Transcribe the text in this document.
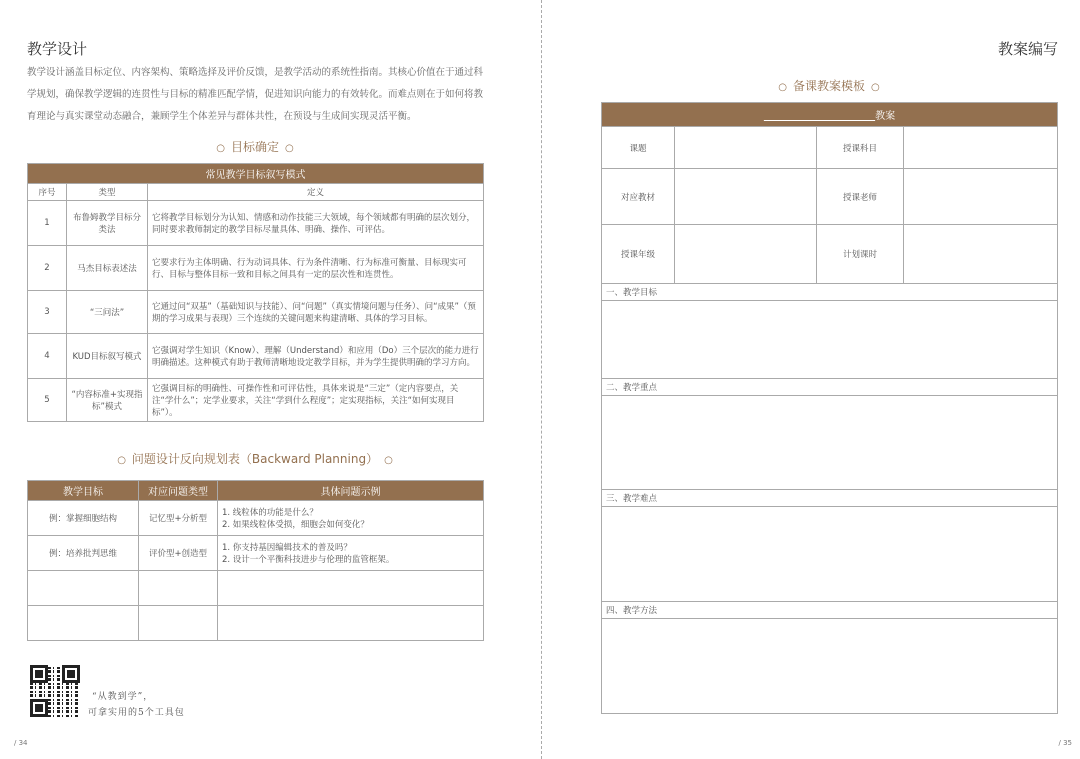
教学设计
教学设计涵盖目标定位、内容架构、策略选择及评价反馈，是教学活动的系统性指南。其核心价值在于通过科学规划，确保教学逻辑的连贯性与目标的精准匹配学情，促进知识向能力的有效转化。而难点则在于如何将教育理论与真实课堂动态融合，兼顾学生个体差异与群体共性，在预设与生成间实现灵活平衡。
○ 目标确定 ○
常见教学目标叙写模式		
序号	类型	定义
1	布鲁姆教学目标分类法	它将教学目标划分为认知、情感和动作技能三大领域，每个领域都有明确的层次划分，同时要求教师制定的教学目标尽量具体、明确、操作、可评估。
2	马杰目标表述法	它要求行为主体明确、行为动词具体、行为条件清晰、行为标准可衡量、目标现实可行、目标与整体目标一致和目标之间具有一定的层次性和连贯性。
3	“三问法”	它通过问“双基”（基础知识与技能）、问“问题”（真实情境问题与任务）、问“成果”（预期的学习成果与表现）三个连续的关键问题来构建清晰、具体的学习目标。
4	KUD目标叙写模式	它强调对学生知识（Know）、理解（Understand）和应用（Do）三个层次的能力进行明确描述。这种模式有助于教师清晰地设定教学目标，并为学生提供明确的学习方向。
5	“内容标准+实现指标”模式	它强调目标的明确性、可操作性和可评估性，具体来说是“三定”（定内容要点，关注“学什么”；定学业要求，关注“学到什么程度”；定实现指标，关注“如何实现目标”）。
○ 问题设计反向规划表（Backward Planning） ○
教学目标	对应问题类型	具体问题示例
例：掌握细胞结构	记忆型+分析型	1. 线粒体的功能是什么？
2. 如果线粒体受损，细胞会如何变化？

例：培养批判思维	评价型+创造型	1. 你支持基因编辑技术的普及吗？
2. 设计一个平衡科技进步与伦理的监管框架。

“从教到学”，
可拿实用的5个工具包
/ 34
教案编写
○ 备课教案模板 ○
教案			
课题		授课科目	
对应教材		授课老师	
授课年级		计划课时	
一、教学目标			

二、教学重点			

三、教学难点			

四、教学方法			

/ 35
